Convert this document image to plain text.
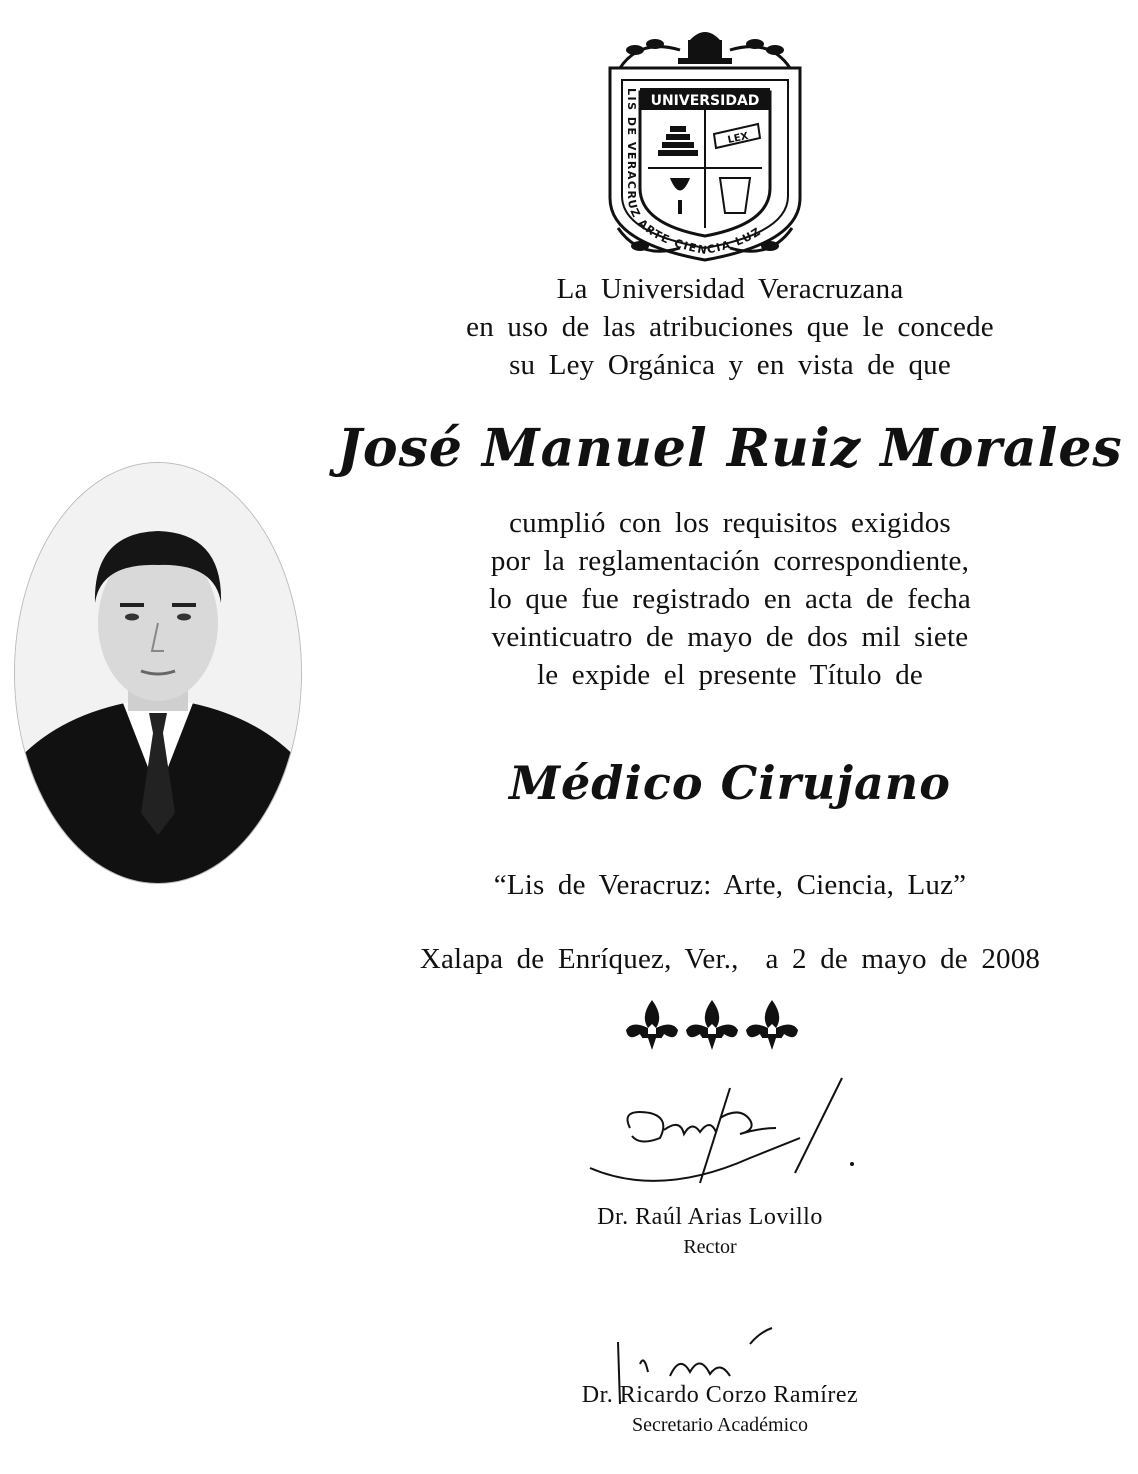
UNIVERSIDAD
LEX
LIS DE VERACRUZ ARTE CIENCIA LUZ
La Universidad Veracruzana
en uso de las atribuciones que le concede
su Ley Orgánica y en vista de que
José Manuel Ruiz Morales
cumplió con los requisitos exigidos
por la reglamentación correspondiente,
lo que fue registrado en acta de fecha
veinticuatro de mayo de dos mil siete
le expide el presente Título de
Médico Cirujano
“Lis de Veracruz: Arte, Ciencia, Luz”
Xalapa de Enríquez, Ver.,  a 2 de mayo de 2008
Dr. Raúl Arias Lovillo
Rector
Dr. Ricardo Corzo Ramírez
Secretario Académico
